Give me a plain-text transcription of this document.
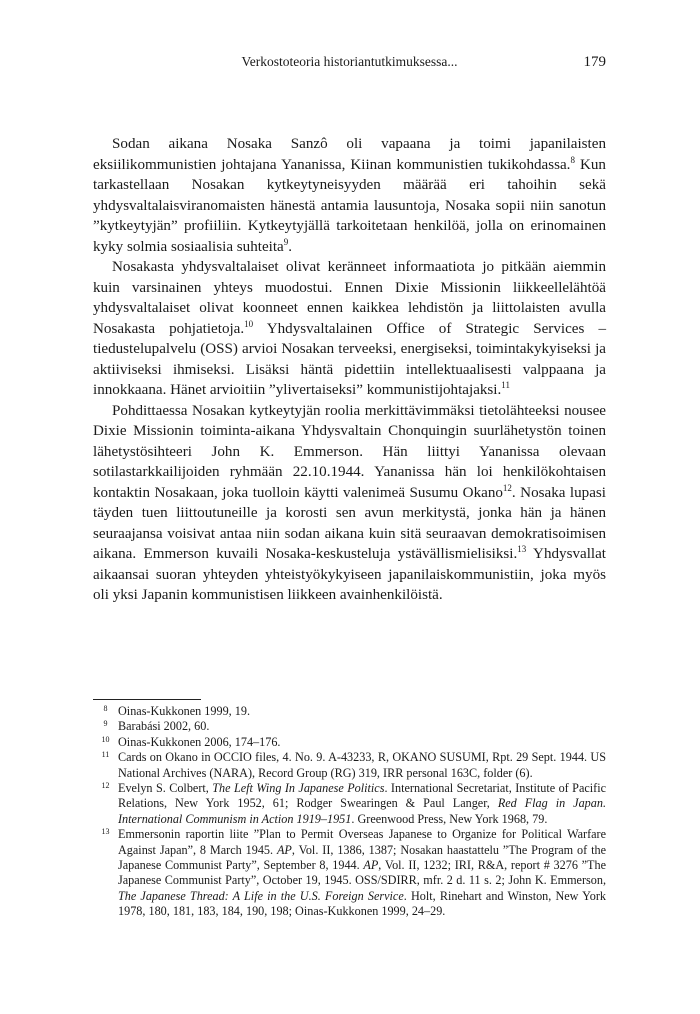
Verkostoteoria historiantutkimuksessa...	179

Sodan aikana Nosaka Sanzô oli vapaana ja toimi japanilaisten eksiilikommunistien johtajana Yananissa, Kiinan kommunistien tukikohdassa.$^8$ Kun tarkastellaan Nosakan kytkeytyneisyyden määrää eri tahoihin sekä yhdysvaltalaisviranomaisten hänestä antamia lausuntoja, Nosaka sopii niin sanotun ”kytkeytyjän” profiiliin. Kytkeytyjällä tarkoitetaan henkilöä, jolla on erinomainen kyky solmia sosiaalisia suhteita$^9$.

Nosakasta yhdysvaltalaiset olivat keränneet informaatiota jo pitkään aiemmin kuin varsinainen yhteys muodostui. Ennen Dixie Missionin liikkeellelähtöä yhdysvaltalaiset olivat koonneet ennen kaikkea lehdistön ja liittolaisten avulla Nosakasta pohjatietoja.$^{10}$ Yhdysvaltalainen Office of Strategic Services –tiedustelupalvelu (OSS) arvioi Nosakan terveeksi, energiseksi, toimintakykyiseksi ja aktiiviseksi ihmiseksi. Lisäksi häntä pidettiin intellektuaalisesti valppaana ja innokkaana. Hänet arvioitiin ”ylivertaiseksi” kommunistijohtajaksi.$^{11}$

Pohdittaessa Nosakan kytkeytyjän roolia merkittävimmäksi tietolähteeksi nousee Dixie Missionin toiminta-aikana Yhdysvaltain Chonquingin suurlähetystön toinen lähetystösihteeri John K. Emmerson. Hän liittyi Yananissa olevaan sotilastarkkailijoiden ryhmään 22.10.1944. Yananissa hän loi henkilökohtaisen kontaktin Nosakaan, joka tuolloin käytti valenimeä Susumu Okano$^{12}$. Nosaka lupasi täyden tuen liittoutuneille ja korosti sen avun merkitystä, jonka hän ja hänen seuraajansa voisivat antaa niin sodan aikana kuin sitä seuraavan demokratisoimisen aikana. Emmerson kuvaili Nosaka-keskusteluja ystävällismielisiksi.$^{13}$ Yhdysvallat aikaansai suoran yhteyden yhteistyökykyiseen japanilaiskommunistiin, joka myös oli yksi Japanin kommunistisen liikkeen avainhenkilöistä.

8 Oinas-Kukkonen 1999, 19.
9 Barabási 2002, 60.
10 Oinas-Kukkonen 2006, 174–176.
11 Cards on Okano in OCCIO files, 4. No. 9. A-43233, R, OKANO SUSUMI, Rpt. 29 Sept. 1944. US National Archives (NARA), Record Group (RG) 319, IRR personal 163C, folder (6).
12 Evelyn S. Colbert, The Left Wing In Japanese Politics. International Secretariat, Institute of Pacific Relations, New York 1952, 61; Rodger Swearingen & Paul Langer, Red Flag in Japan. International Communism in Action 1919–1951. Greenwood Press, New York 1968, 79.
13 Emmersonin raportin liite ”Plan to Permit Overseas Japanese to Organize for Political Warfare Against Japan”, 8 March 1945. AP, Vol. II, 1386, 1387; Nosakan haastattelu ”The Program of the Japanese Communist Party”, September 8, 1944. AP, Vol. II, 1232; IRI, R&A, report # 3276 ”The Japanese Communist Party”, October 19, 1945. OSS/SDIRR, mfr. 2 d. 11 s. 2; John K. Emmerson, The Japanese Thread: A Life in the U.S. Foreign Service. Holt, Rinehart and Winston, New York 1978, 180, 181, 183, 184, 190, 198; Oinas-Kukkonen 1999, 24–29.
